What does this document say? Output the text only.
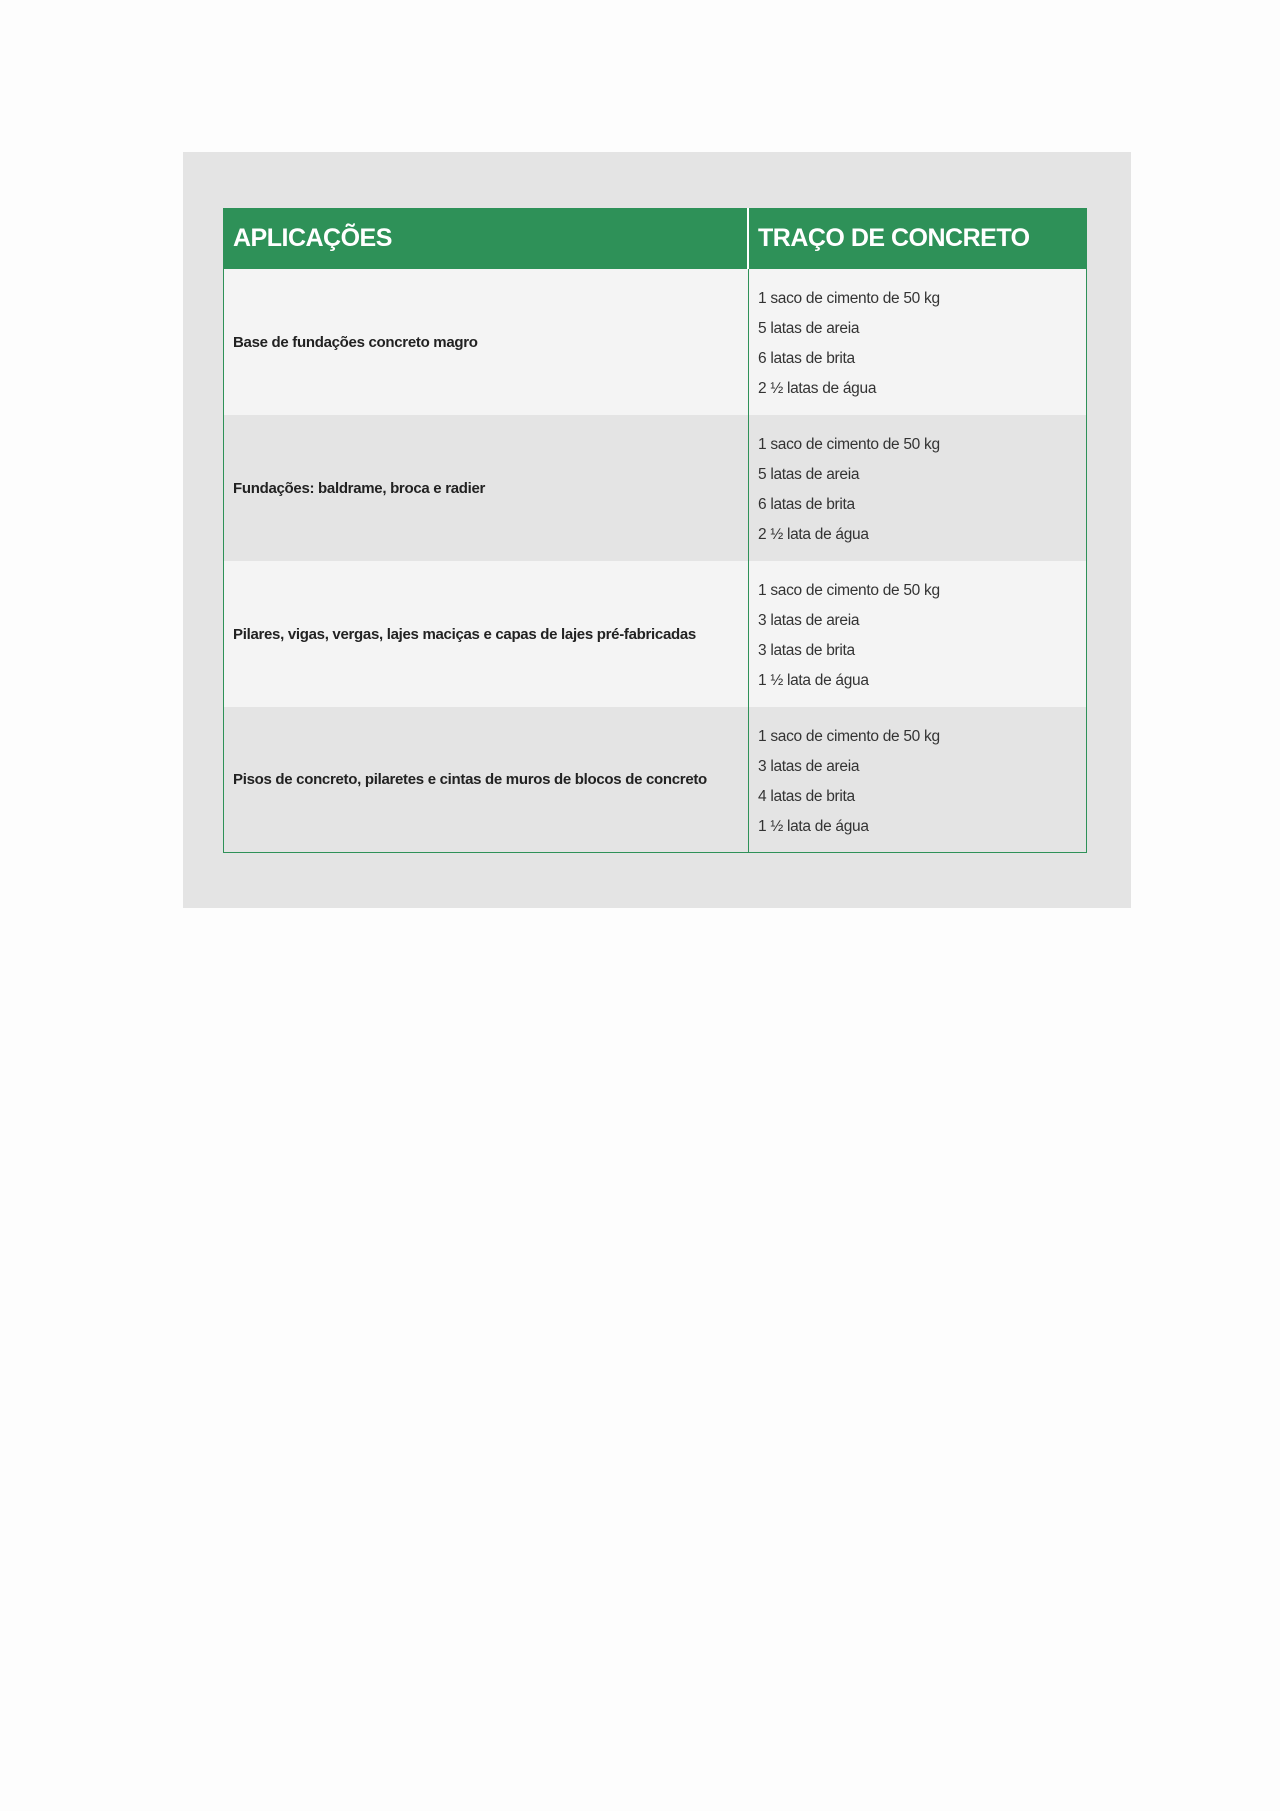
APLICAÇÕES	TRAÇO DE CONCRETO
Base de fundações concreto magro
1 saco de cimento de 50 kg
5 latas de areia
6 latas de brita
2 ½ latas de água
Fundações: baldrame, broca e radier
1 saco de cimento de 50 kg
5 latas de areia
6 latas de brita
2 ½ lata de água
Pilares, vigas, vergas, lajes maciças e capas de lajes pré-fabricadas
1 saco de cimento de 50 kg
3 latas de areia
3 latas de brita
1 ½ lata de água
Pisos de concreto, pilaretes e cintas de muros de blocos de concreto
1 saco de cimento de 50 kg
3 latas de areia
4 latas de brita
1 ½ lata de água
